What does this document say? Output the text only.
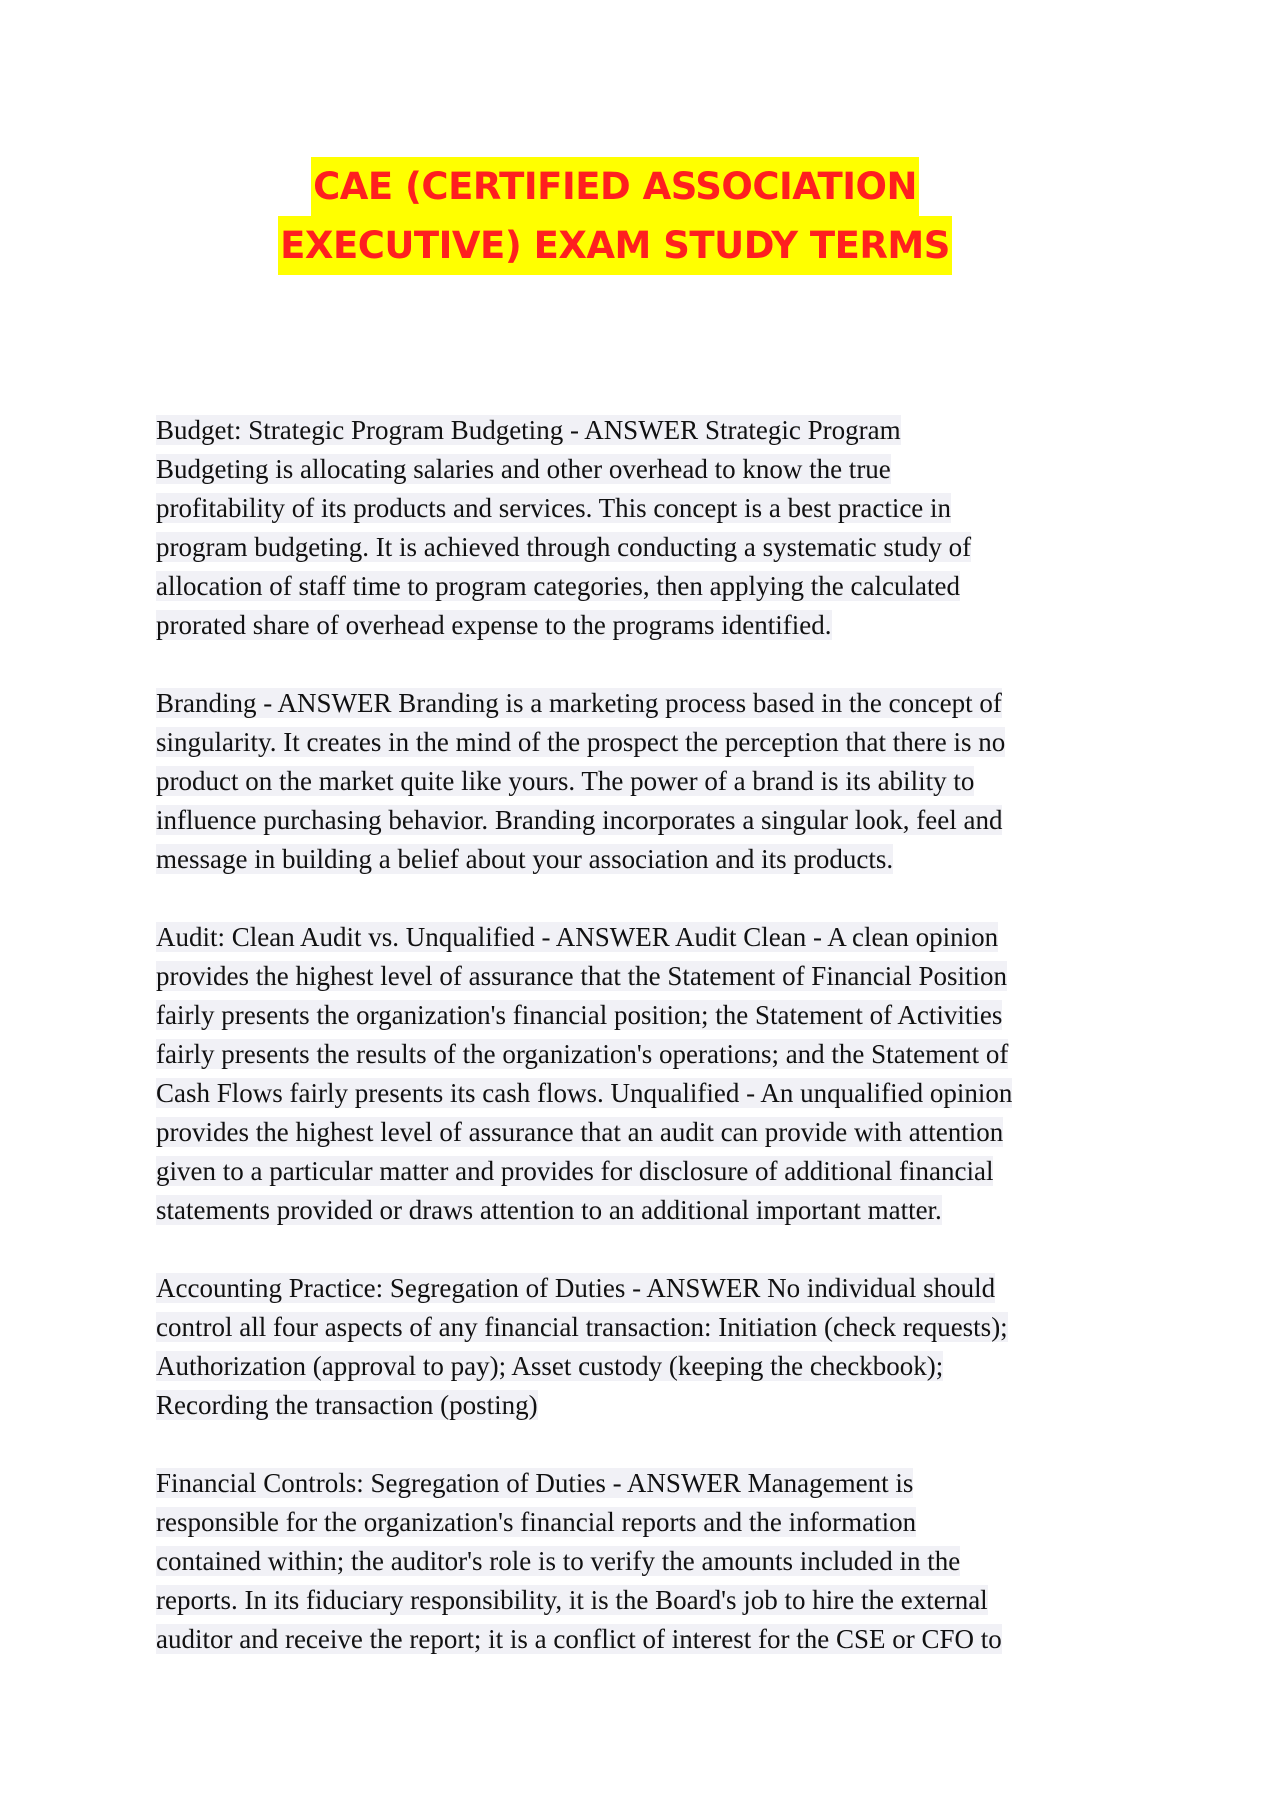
CAE (CERTIFIED ASSOCIATION
EXECUTIVE) EXAM STUDY TERMS
Budget: Strategic Program Budgeting - ANSWER Strategic Program
Budgeting is allocating salaries and other overhead to know the true
profitability of its products and services. This concept is a best practice in
program budgeting. It is achieved through conducting a systematic study of
allocation of staff time to program categories, then applying the calculated
prorated share of overhead expense to the programs identified.
Branding - ANSWER Branding is a marketing process based in the concept of
singularity. It creates in the mind of the prospect the perception that there is no
product on the market quite like yours. The power of a brand is its ability to
influence purchasing behavior. Branding incorporates a singular look, feel and
message in building a belief about your association and its products.
Audit: Clean Audit vs. Unqualified - ANSWER Audit Clean - A clean opinion
provides the highest level of assurance that the Statement of Financial Position
fairly presents the organization's financial position; the Statement of Activities
fairly presents the results of the organization's operations; and the Statement of
Cash Flows fairly presents its cash flows. Unqualified - An unqualified opinion
provides the highest level of assurance that an audit can provide with attention
given to a particular matter and provides for disclosure of additional financial
statements provided or draws attention to an additional important matter.
Accounting Practice: Segregation of Duties - ANSWER No individual should
control all four aspects of any financial transaction: Initiation (check requests);
Authorization (approval to pay); Asset custody (keeping the checkbook);
Recording the transaction (posting)
Financial Controls: Segregation of Duties - ANSWER Management is
responsible for the organization's financial reports and the information
contained within; the auditor's role is to verify the amounts included in the
reports. In its fiduciary responsibility, it is the Board's job to hire the external
auditor and receive the report; it is a conflict of interest for the CSE or CFO to
